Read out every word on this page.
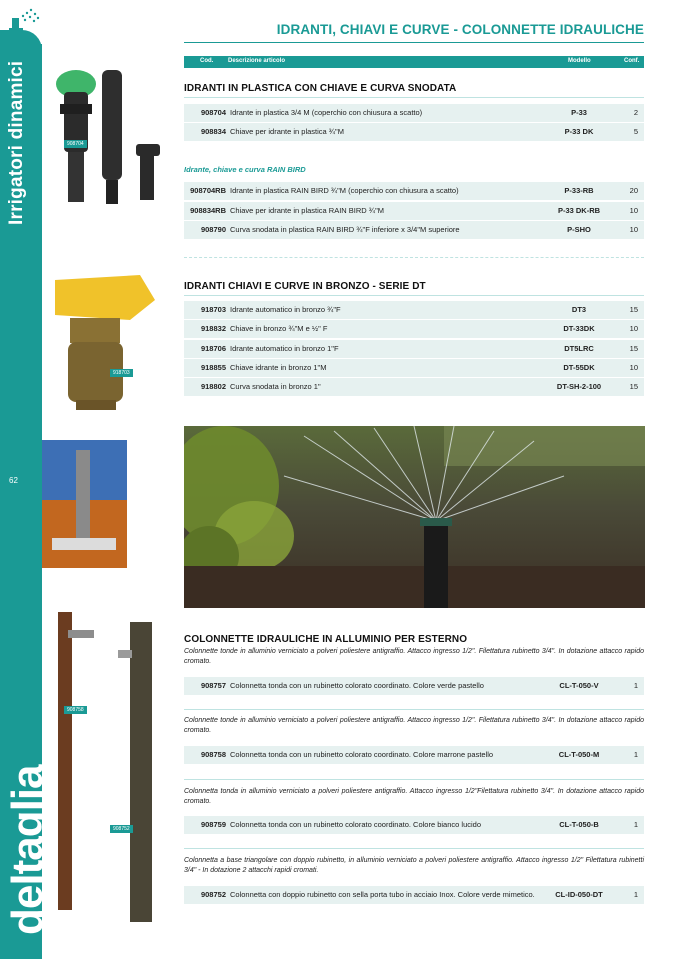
Irrigatori dinamici
62
deltaglia
IDRANTI, CHIAVI E CURVE - COLONNETTE IDRAULICHE
Cod. Descrizione articolo	Modello	Conf.
IDRANTI IN PLASTICA CON CHIAVE E CURVA SNODATA
908704 Idrante in plastica 3/4 M (coperchio con chiusura a scatto)	P-33	2
908834 Chiave per idrante in plastica ¾"M	P-33 DK	5
Idrante, chiave e curva RAIN BIRD
908704RB Idrante in plastica RAIN BIRD ¾"M (coperchio con chiusura a scatto)	P-33-RB	20
908834RB Chiave per idrante in plastica RAIN BIRD ¾"M	P-33 DK-RB	10
908790 Curva snodata in plastica RAIN BIRD ¾"F inferiore x 3/4"M superiore	P-SHO	10
IDRANTI CHIAVI E CURVE IN BRONZO - SERIE DT
918703 Idrante automatico in bronzo ¾"F	DT3	15
918832 Chiave in bronzo ¾"M e ½" F	DT-33DK	10
918706 Idrante automatico in bronzo 1"F	DT5LRC	15
918855 Chiave idrante in bronzo 1"M	DT-55DK	10
918802 Curva snodata in bronzo 1"	DT-SH-2-100	15
COLONNETTE IDRAULICHE IN ALLUMINIO PER ESTERNO
Colonnette tonde in alluminio verniciato a polveri poliestere antigraffio. Attacco ingresso 1/2". Filettatura rubinetto 3/4". In dotazione attacco rapido cromato.
908757 Colonnetta tonda con un rubinetto colorato coordinato. Colore verde pastello	CL-T-050-V	1
Colonnette tonde in alluminio verniciato a polveri poliestere antigraffio. Attacco ingresso 1/2". Filettatura rubinetto 3/4". In dotazione attacco rapido cromato.
908758 Colonnetta tonda con un rubinetto colorato coordinato. Colore marrone pastello	CL-T-050-M	1
Colonnetta tonda in alluminio verniciato a polveri poliestere antigraffio. Attacco ingresso 1/2"Filettatura rubinetto 3/4". In dotazione attacco rapido cromato.
908759 Colonnetta tonda con un rubinetto colorato coordinato. Colore bianco lucido	CL-T-050-B	1
Colonnetta a base triangolare con doppio rubinetto, in alluminio verniciato a polveri poliestere antigraffio. Attacco ingresso 1/2" Filettatura rubinetti 3/4" - In dotazione 2 attacchi rapidi cromati.
908752 Colonnetta con doppio rubinetto con sella porta tubo in acciaio Inox. Colore verde mimetico.	CL-ID-050-DT	1
908704
918703
908758
908752
